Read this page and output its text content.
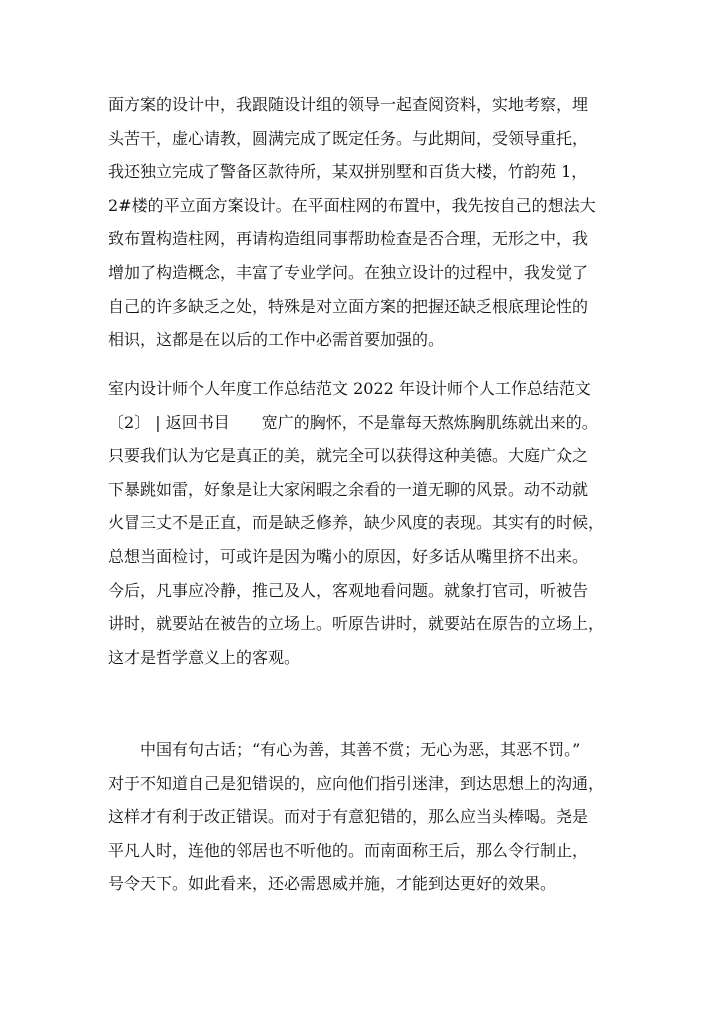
面方案的设计中，我跟随设计组的领导一起查阅资料，实地考察，埋
头苦干，虚心请教，圆满完成了既定任务。与此期间，受领导重托，
我还独立完成了警备区款待所，某双拼别墅和百货大楼，竹韵苑 1，
2#楼的平立面方案设计。在平面柱网的布置中，我先按自己的想法大
致布置构造柱网，再请构造组同事帮助检查是否合理，无形之中，我
增加了构造概念，丰富了专业学问。在独立设计的过程中，我发觉了
自己的许多缺乏之处，特殊是对立面方案的把握还缺乏根底理论性的
相识，这都是在以后的工作中必需首要加强的。
室内设计师个人年度工作总结范文 2022 年设计师个人工作总结范文
〔2〕 | 返回书目　　宽广的胸怀，不是靠每天熬炼胸肌练就出来的。
只要我们认为它是真正的美，就完全可以获得这种美德。大庭广众之
下暴跳如雷，好象是让大家闲暇之余看的一道无聊的风景。动不动就
火冒三丈不是正直，而是缺乏修养，缺少风度的表现。其实有的时候，
总想当面检讨，可或许是因为嘴小的原因，好多话从嘴里挤不出来。
今后，凡事应冷静，推己及人，客观地看问题。就象打官司，听被告
讲时，就要站在被告的立场上。听原告讲时，就要站在原告的立场上，
这才是哲学意义上的客观。
中国有句古话；“有心为善，其善不赏；无心为恶，其恶不罚。”
对于不知道自己是犯错误的，应向他们指引迷津，到达思想上的沟通，
这样才有利于改正错误。而对于有意犯错的，那么应当头棒喝。尧是
平凡人时，连他的邻居也不听他的。而南面称王后，那么令行制止，
号令天下。如此看来，还必需恩威并施，才能到达更好的效果。
